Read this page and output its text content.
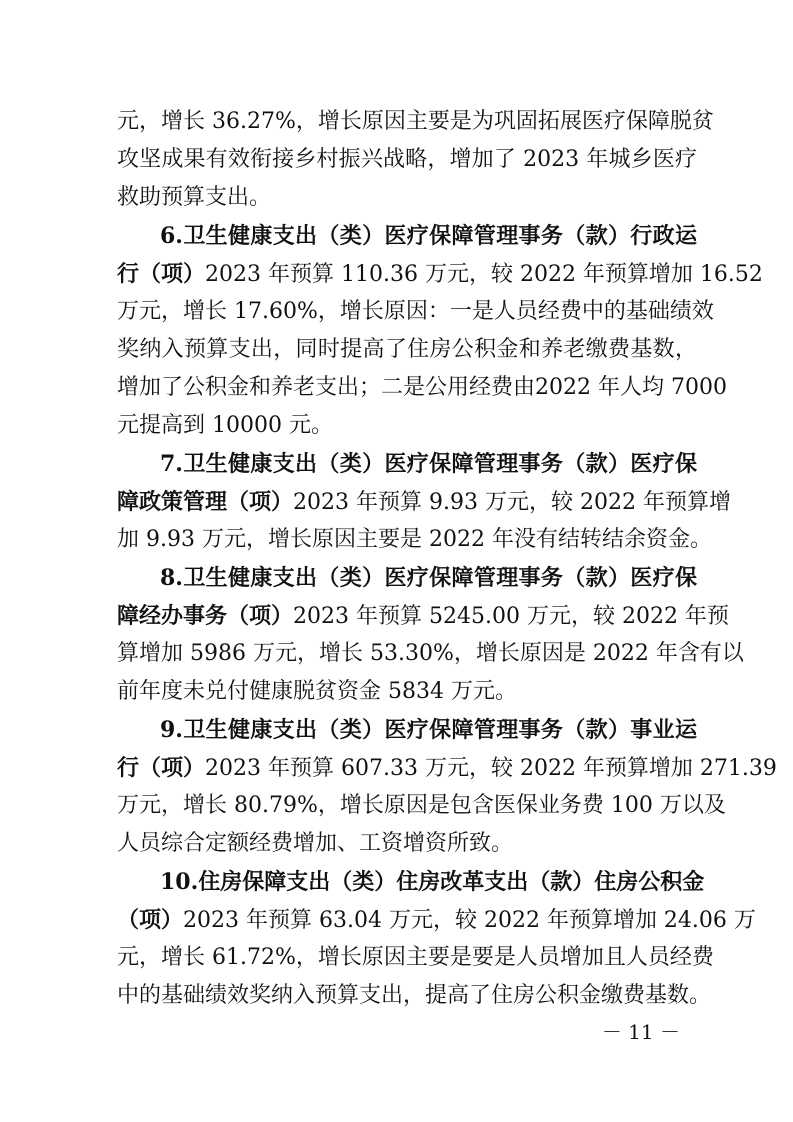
元，增长 36.27%，增长原因主要是为巩固拓展医疗保障脱贫
攻坚成果有效衔接乡村振兴战略，增加了 2023 年城乡医疗
救助预算支出。
6.卫生健康支出（类）医疗保障管理事务（款）行政运
行（项）2023 年预算 110.36 万元，较 2022 年预算增加 16.52
万元，增长 17.60%，增长原因：一是人员经费中的基础绩效
奖纳入预算支出，同时提高了住房公积金和养老缴费基数，
增加了公积金和养老支出；二是公用经费由2022 年人均 7000
元提高到 10000 元。
7.卫生健康支出（类）医疗保障管理事务（款）医疗保
障政策管理（项）2023 年预算 9.93 万元，较 2022 年预算增
加 9.93 万元，增长原因主要是 2022 年没有结转结余资金。
8.卫生健康支出（类）医疗保障管理事务（款）医疗保
障经办事务（项）2023 年预算 5245.00 万元，较 2022 年预
算增加 5986 万元，增长 53.30%，增长原因是 2022 年含有以
前年度未兑付健康脱贫资金 5834 万元。
9.卫生健康支出（类）医疗保障管理事务（款）事业运
行（项）2023 年预算 607.33 万元，较 2022 年预算增加 271.39
万元，增长 80.79%，增长原因是包含医保业务费 100 万以及
人员综合定额经费增加、工资增资所致。
10.住房保障支出（类）住房改革支出（款）住房公积金
（项）2023 年预算 63.04 万元，较 2022 年预算增加 24.06 万
元，增长 61.72%，增长原因主要是要是人员增加且人员经费
中的基础绩效奖纳入预算支出，提高了住房公积金缴费基数。
－ 11 －
